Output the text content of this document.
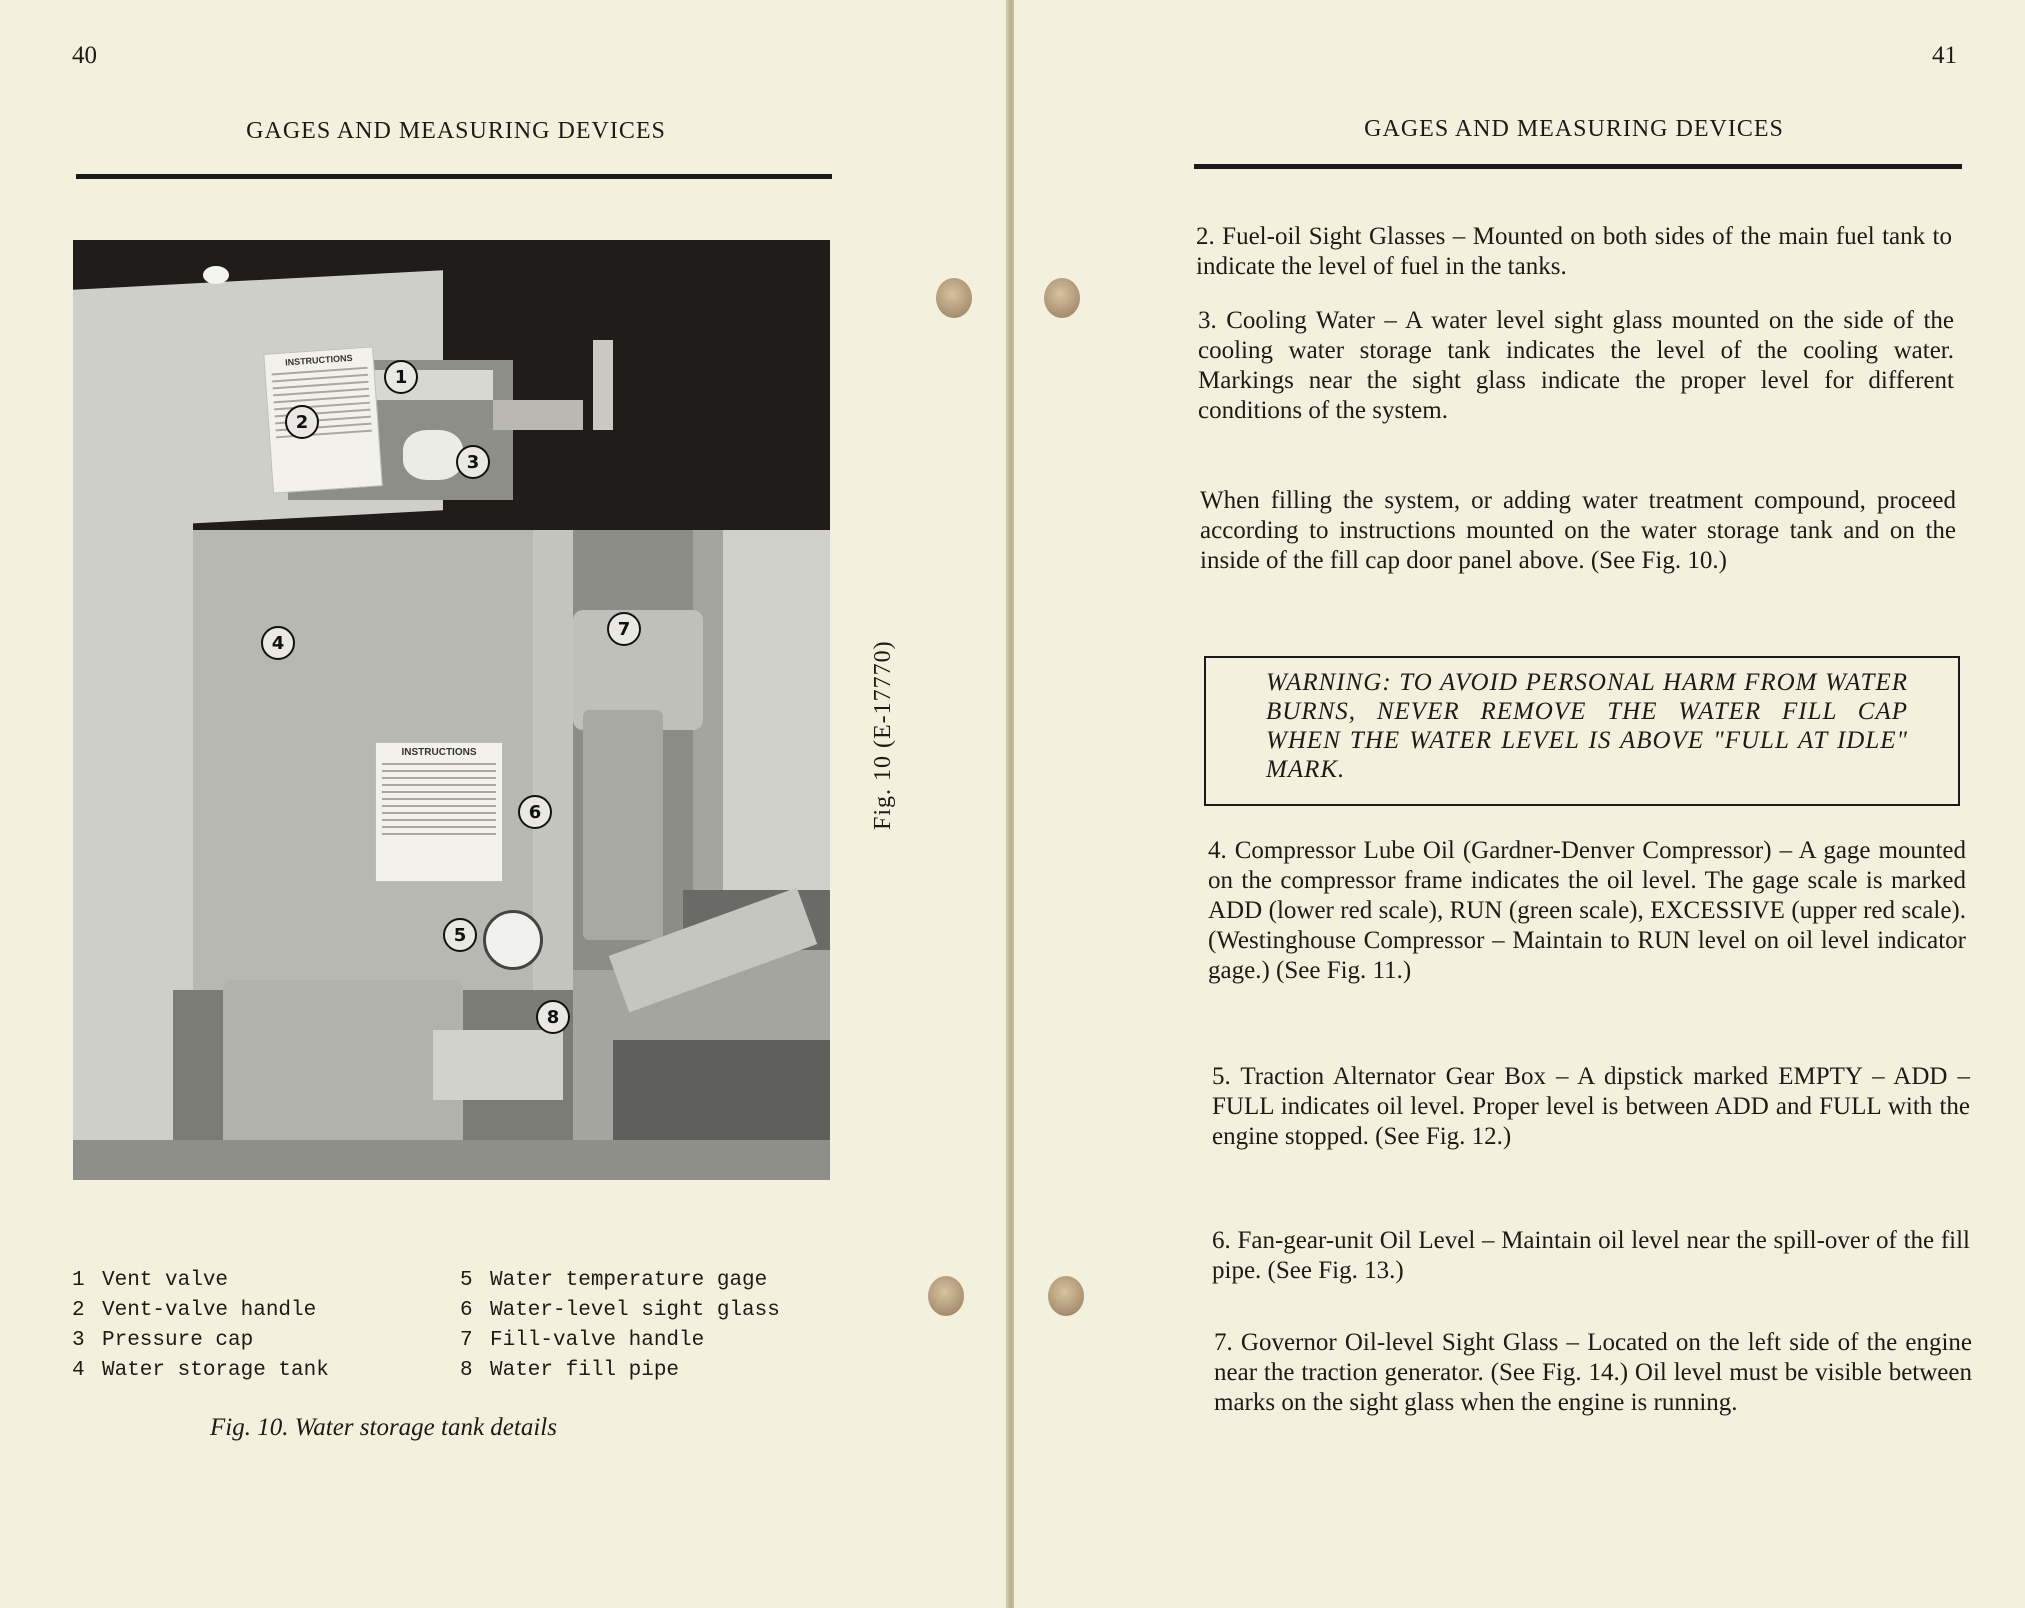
40
GAGES AND MEASURING DEVICES
INSTRUCTIONS
INSTRUCTIONS
1
2
3
4
5
6
7
8
Fig. 10 (E-17770)
1 Vent valve
2 Vent-valve handle
3 Pressure cap
4 Water storage tank
5 Water temperature gage
6 Water-level sight glass
7 Fill-valve handle
8 Water fill pipe
Fig. 10. Water storage tank details
41
GAGES AND MEASURING DEVICES
2. Fuel-oil Sight Glasses – Mounted on both sides of the main fuel tank to indicate the level of fuel in the tanks.
3. Cooling Water – A water level sight glass mounted on the side of the cooling water storage tank indicates the level of the cooling water. Markings near the sight glass indicate the proper level for different conditions of the system.
When filling the system, or adding water treatment compound, proceed according to instructions mounted on the water storage tank and on the inside of the fill cap door panel above. (See Fig. 10.)
WARNING: TO AVOID PERSONAL HARM FROM WATER BURNS, NEVER REMOVE THE WATER FILL CAP WHEN THE WATER LEVEL IS ABOVE "FULL AT IDLE" MARK.
4. Compressor Lube Oil (Gardner-Denver Compressor) – A gage mounted on the compressor frame indicates the oil level. The gage scale is marked ADD (lower red scale), RUN (green scale), EXCESSIVE (upper red scale). (Westinghouse Compressor – Maintain to RUN level on oil level indicator gage.) (See Fig. 11.)
5. Traction Alternator Gear Box – A dipstick marked EMPTY – ADD – FULL indicates oil level. Proper level is between ADD and FULL with the engine stopped. (See Fig. 12.)
6. Fan-gear-unit Oil Level – Maintain oil level near the spill-over of the fill pipe. (See Fig. 13.)
7. Governor Oil-level Sight Glass – Located on the left side of the engine near the traction generator. (See Fig. 14.) Oil level must be visible between marks on the sight glass when the engine is running.
